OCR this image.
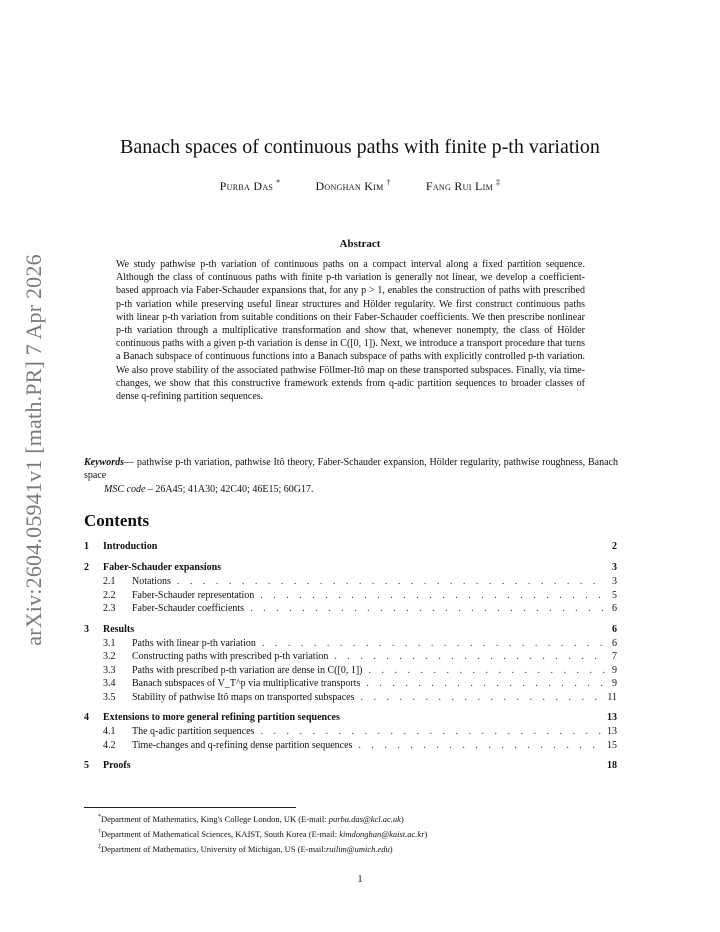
arXiv:2604.05941v1 [math.PR] 7 Apr 2026
Banach spaces of continuous paths with finite p-th variation
Purba Das *	Donghan Kim †	Fang Rui Lim ‡
Abstract
We study pathwise p-th variation of continuous paths on a compact interval along a fixed partition sequence. Although the class of continuous paths with finite p-th variation is generally not linear, we develop a coefficient-based approach via Faber-Schauder expansions that, for any p > 1, enables the construction of paths with prescribed p-th variation while preserving useful linear structures and Hölder regularity. We first construct continuous paths with linear p-th variation from suitable conditions on their Faber-Schauder coefficients. We then prescribe nonlinear p-th variation through a multiplicative transformation and show that, whenever nonempty, the class of Hölder continuous paths with a given p-th variation is dense in C([0, 1]). Next, we introduce a transport procedure that turns a Banach subspace of continuous functions into a Banach subspace of paths with explicitly controlled p-th variation. We also prove stability of the associated pathwise Föllmer-Itô map on these transported subspaces. Finally, via time-changes, we show that this constructive framework extends from q-adic partition sequences to broader classes of dense q-refining partition sequences.
Keywords— pathwise p-th variation, pathwise Itô theory, Faber-Schauder expansion, Hölder regularity, pathwise roughness, Banach space
MSC code – 26A45; 41A30; 42C40; 46E15; 60G17.
Contents
1	Introduction	2
2	Faber-Schauder expansions	3
2.1	Notations . . .	3
2.2	Faber-Schauder representation . . .	5
2.3	Faber-Schauder coefficients . . .	6
3	Results	6
3.1	Paths with linear p-th variation . . .	6
3.2	Constructing paths with prescribed p-th variation . . .	7
3.3	Paths with prescribed p-th variation are dense in C([0, 1]) . . .	9
3.4	Banach subspaces of V_T^p via multiplicative transports . . .	9
3.5	Stability of pathwise Itô maps on transported subspaces . . .	11
4	Extensions to more general refining partition sequences	13
4.1	The q-adic partition sequences . . .	13
4.2	Time-changes and q-refining dense partition sequences . . .	15
5	Proofs	18
*Department of Mathematics, King's College London, UK (E-mail: purba.das@kcl.ac.uk)
†Department of Mathematical Sciences, KAIST, South Korea (E-mail: kimdonghan@kaist.ac.kr)
‡Department of Mathematics, University of Michigan, US (E-mail:ruilim@umich.edu)
1
